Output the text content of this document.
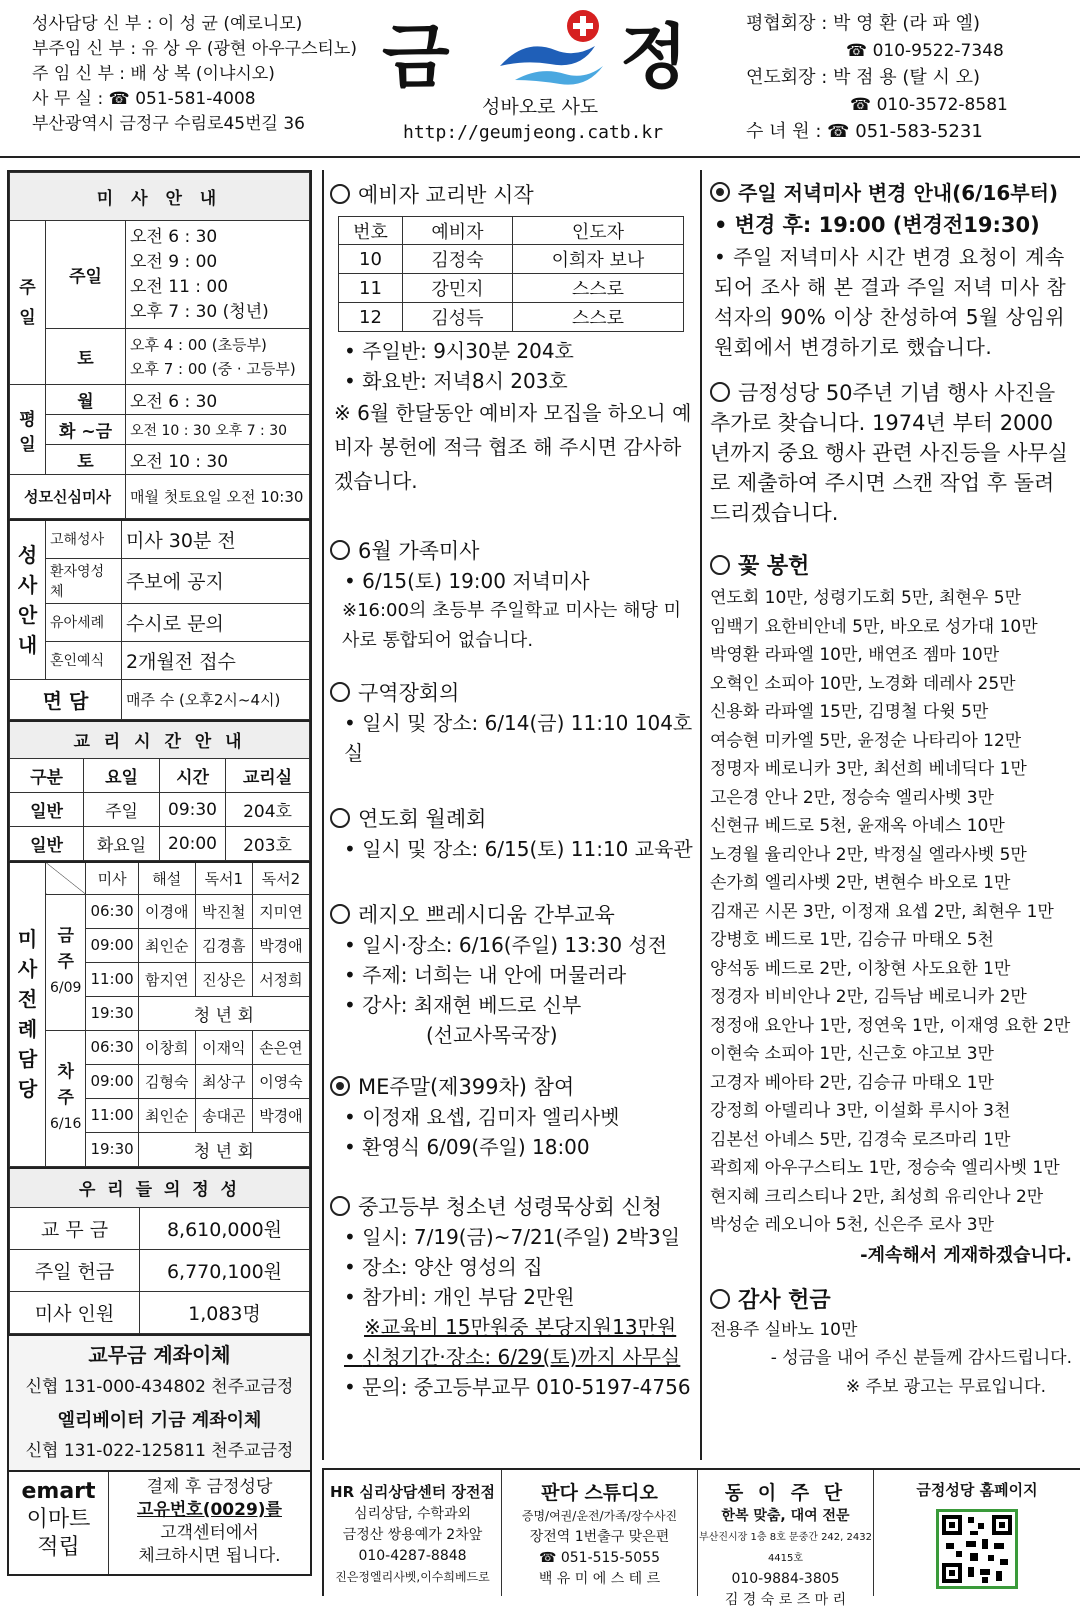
성사담당 신 부 : 이 성 균 (예로니모)
부주임 신 부 : 유 상 우 (광현 아우구스티노)
주 임 신 부 : 배 상 복 (이냐시오)
사 무 실 : ☎ 051-581-4008
부산광역시 금정구 수림로45번길 36
금 정
성바오로 사도
http://geumjeong.catb.kr
평협회장 : 박 영 환 (라 파 엘)
☎ 010-9522-7348
연도회장 : 박 점 용 (탈 시 오)
☎ 010-3572-8581
수 녀 원 : ☎ 051-583-5231
미 사 안 내		
주일	주일	오전 6 : 30
오전 9 : 00
오전 11 : 00
오후 7 : 30 (청년)

	토	오후 4 : 00 (초등부)
오후 7 : 00 (중 · 고등부)

평일	월	오전 6 : 30
	화 ~금	오전 10 : 30 오후 7 : 30
	토	오전 10 : 30
성모신심미사		매월 첫토요일 오전 10:30
성사안내	고해성사	미사 30분 전
	환자영성체	주보에 공지
	유아세례	수시로 문의
	혼인예식	2개월전 접수
면 담		매주 수 (오후2시~4시)
교 리 시 간 안 내			
구분	요일	시간	교리실
일반	주일	09:30	204호
일반	화요일	20:00	203호
미사전례담당		미사	해설	독서1	독서2

	금주
6/09	06:30	이경애	박진철	지미연
		09:00	최인순	김경흠	박경애
		11:00	함지연	진상은	서정희
		19:30	청 년 회		

	차주
6/16	06:30	이창희	이재익	손은연
		09:00	김형숙	최상구	이영숙
		11:00	최인순	송대곤	박경애
		19:30	청 년 회		
우 리 들 의 정 성	
교 무 금	8,610,000원
주일 헌금	6,770,100원
미사 인원	1,083명
교무금 계좌이체
신협 131-000-434802 천주교금정
엘리베이터 기금 계좌이체
신협 131-022-125811 천주교금정
emart
이마트
적립
결제 후 금정성당
고유번호(0029)를
고객센터에서
체크하시면 됩니다.
예비자 교리반 시작
번호	예비자	인도자
10	김정숙	이희자 보나
11	강민지	스스로
12	김성득	스스로
• 주일반: 9시30분 204호
• 화요반: 저녁8시 203호
※ 6월 한달동안 예비자 모집을 하오니 예비자 봉헌에 적극 협조 해 주시면 감사하겠습니다.
6월 가족미사
• 6/15(토) 19:00 저녁미사
※16:00의 초등부 주일학교 미사는 해당 미사로 통합되어 없습니다.
구역장회의
• 일시 및 장소: 6/14(금) 11:10 104호실
연도회 월례회
• 일시 및 장소: 6/15(토) 11:10 교육관
레지오 쁘레시디움 간부교육
• 일시·장소: 6/16(주일) 13:30 성전
• 주제: 너희는 내 안에 머물러라
• 강사: 최재현 베드로 신부
(선교사목국장)
ME주말(제399차) 참여
• 이정재 요셉, 김미자 엘리사벳
• 환영식 6/09(주일) 18:00
중고등부 청소년 성령묵상회 신청
• 일시: 7/19(금)~7/21(주일) 2박3일
• 장소: 양산 영성의 집
• 참가비: 개인 부담 2만원
※교육비 15만원중 본당지원13만원
• 신청기간·장소: 6/29(토)까지 사무실
• 문의: 중고등부교무 010-5197-4756
주일 저녁미사 변경 안내(6/16부터)
• 변경 후: 19:00 (변경전19:30)
• 주일 저녁미사 시간 변경 요청이 계속되어 조사 해 본 결과 주일 저녁 미사 참석자의 90% 이상 찬성하여 5월 상임위원회에서 변경하기로 했습니다.
금정성당 50주년 기념 행사 사진을 추가로 찾습니다. 1974년 부터 2000년까지 중요 행사 관련 사진등을 사무실로 제출하여 주시면 스캔 작업 후 돌려드리겠습니다.
꽃 봉헌
연도회 10만, 성령기도회 5만, 최현우 5만
임백기 요한비안네 5만, 바오로 성가대 10만
박영환 라파엘 10만, 배연조 젬마 10만
오혁인 소피아 10만, 노경화 데레사 25만
신용화 라파엘 15만, 김명철 다윗 5만
여승현 미카엘 5만, 윤정순 나타리아 12만
정명자 베로니카 3만, 최선희 베네딕다 1만
고은경 안나 2만, 정승숙 엘리사벳 3만
신현규 베드로 5천, 윤재옥 아녜스 10만
노경월 율리안나 2만, 박정실 엘라사벳 5만
손가희 엘리사벳 2만, 변현수 바오로 1만
김재곤 시몬 3만, 이정재 요셉 2만, 최현우 1만
강병호 베드로 1만, 김승규 마태오 5천
양석동 베드로 2만, 이창현 사도요한 1만
정경자 비비안나 2만, 김득남 베로니카 2만
정정애 요안나 1만, 정연욱 1만, 이재영 요한 2만
이현숙 소피아 1만, 신근호 야고보 3만
고경자 베아타 2만, 김승규 마태오 1만
강정희 아델리나 3만, 이설화 루시아 3천
김본선 아녜스 5만, 김경숙 로즈마리 1만
곽희제 아우구스티노 1만, 정승숙 엘리사벳 1만
현지혜 크리스티나 2만, 최성희 유리안나 2만
박성순 레오니아 5천, 신은주 로사 3만
-계속해서 게재하겠습니다.
감사 헌금
전용주 실바노 10만
- 성금을 내어 주신 분들께 감사드립니다.
※ 주보 광고는 무료입니다.
HR 심리상담센터 장전점
심리상담, 수학과외
금정산 쌍용예가 2차앞
010-4287-8848
진은정엘리사벳,이수희베드로
판다 스튜디오
증명/여권/운전/가족/장수사진
장전역 1번출구 맞은편
☎ 051-515-5055
백 유 미 에 스 테 르
동 이 주 단
한복 맞춤, 대여 전문
부산진시장 1층 8호 문중간 242, 2432 4415호
010-9884-3805
김 경 숙 로 즈 마 리
금정성당 홈페이지
